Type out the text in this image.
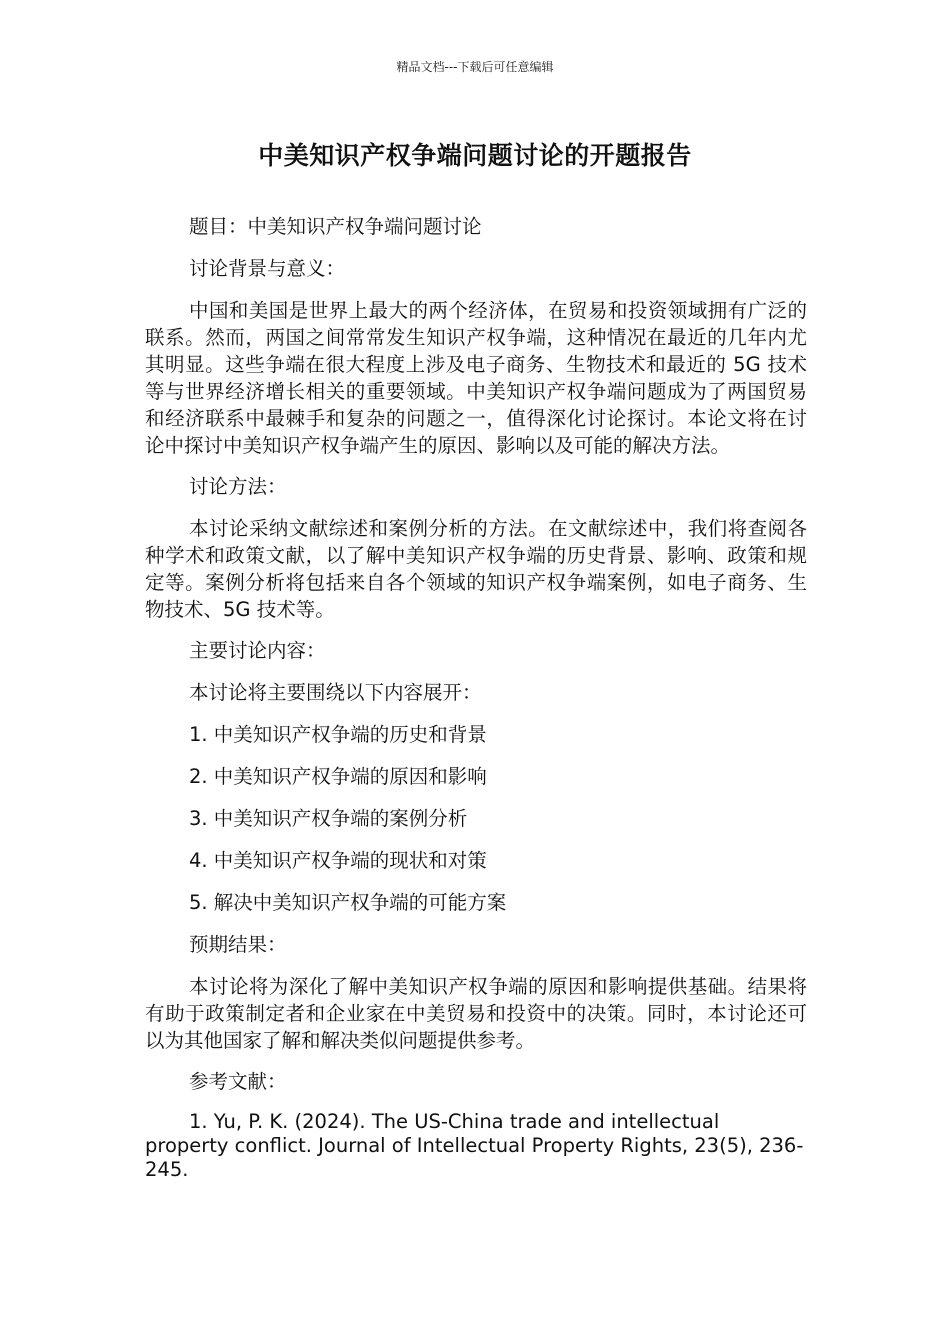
精品文档---下载后可任意编辑
中美知识产权争端问题讨论的开题报告

题目：中美知识产权争端问题讨论

讨论背景与意义：

中国和美国是世界上最大的两个经济体，在贸易和投资领域拥有广泛的联系。然而，两国之间常常发生知识产权争端，这种情况在最近的几年内尤其明显。这些争端在很大程度上涉及电子商务、生物技术和最近的 5G 技术等与世界经济增长相关的重要领域。中美知识产权争端问题成为了两国贸易和经济联系中最棘手和复杂的问题之一，值得深化讨论探讨。本论文将在讨论中探讨中美知识产权争端产生的原因、影响以及可能的解决方法。

讨论方法：

本讨论采纳文献综述和案例分析的方法。在文献综述中，我们将查阅各种学术和政策文献，以了解中美知识产权争端的历史背景、影响、政策和规定等。案例分析将包括来自各个领域的知识产权争端案例，如电子商务、生物技术、5G 技术等。

主要讨论内容：

本讨论将主要围绕以下内容展开：

1. 中美知识产权争端的历史和背景

2. 中美知识产权争端的原因和影响

3. 中美知识产权争端的案例分析

4. 中美知识产权争端的现状和对策

5. 解决中美知识产权争端的可能方案

预期结果：

本讨论将为深化了解中美知识产权争端的原因和影响提供基础。结果将有助于政策制定者和企业家在中美贸易和投资中的决策。同时，本讨论还可以为其他国家了解和解决类似问题提供参考。

参考文献：

1. Yu, P. K. (2024). The US-China trade and intellectual property conflict. Journal of Intellectual Property Rights, 23(5), 236-245.
